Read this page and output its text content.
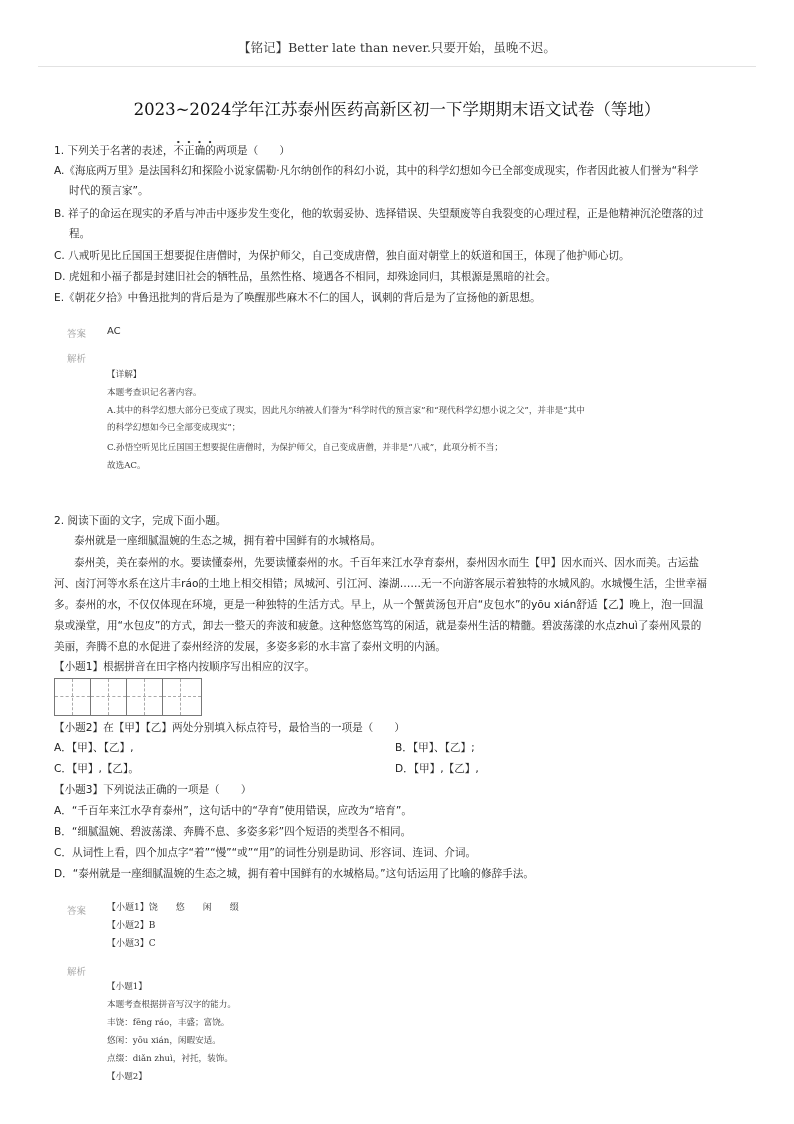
【铭记】Better late than never.只要开始，虽晚不迟。
2023~2024学年江苏泰州医药高新区初一下学期期末语文试卷（等地）
1. 下列关于名著的表述，
不正确的两项是（　　）
A.《海底两万里》是法国科幻和探险小说家儒勒·凡尔纳创作的科幻小说，其中的科学幻想如今已全部变成现实，作者因此被人们誉为“科学
时代的预言家”。
B. 祥子的命运在现实的矛盾与冲击中逐步发生变化，他的软弱妥协、选择错误、失望颓废等自我裂变的心理过程，正是他精神沉沦堕落的过
程。
C. 八戒听见比丘国国王想要捉住唐僧时，为保护师父，自己变成唐僧，独自面对朝堂上的妖道和国王，体现了他护师心切。
D. 虎妞和小福子都是封建旧社会的牺牲品，虽然性格、境遇各不相同，却殊途同归，其根源是黑暗的社会。
E.《朝花夕拾》中鲁迅批判的背后是为了唤醒那些麻木不仁的国人，讽刺的背后是为了宣扬他的新思想。
答案 AC
解析
【详解】
本题考查识记名著内容。
A.其中的科学幻想大部分已变成了现实，因此凡尔纳被人们誉为“科学时代的预言家”和“现代科学幻想小说之父”，并非是“其中
的科学幻想如今已全部变成现实”；
C.孙悟空听见比丘国国王想要捉住唐僧时，为保护师父，自己变成唐僧，并非是“八戒”，此项分析不当；
故选AC。
2. 阅读下面的文字，完成下面小题。
泰州就是一座细腻温婉的生态之城，拥有着中国鲜有的水城格局。
泰州美，美在泰州的水。要读懂泰州，先要读懂泰州的水。千百年来江水孕育泰州，泰州因水而生【甲】因水而兴、因水而美。古运盐
河、卤汀河等水系在这片丰ráo的土地上相交相错；凤城河、引江河、溱湖……无一不向游客展示着独特的水城风韵。水城慢生活，尘世幸福
多。泰州的水，不仅仅体现在环境，更是一种独特的生活方式。早上，从一个蟹黄汤包开启“皮包水”的yōu xián舒适【乙】晚上，泡一回温
泉或澡堂，用“水包皮”的方式，卸去一整天的奔波和疲惫。这种悠悠笃笃的闲适，就是泰州生活的精髓。碧波荡漾的水点zhuì了泰州风景的
美丽，奔腾不息的水促进了泰州经济的发展，多姿多彩的水丰富了泰州文明的内涵。
【小题1】根据拼音在田字格内按顺序写出相应的汉字。
【小题2】在【甲】【乙】两处分别填入标点符号，最恰当的一项是（　　）
A．【甲】、【乙】,	B．【甲】、【乙】;
C．【甲】,【乙】。	D．【甲】,【乙】,
【小题3】下列说法正确的一项是（　　）
A．“千百年来江水孕育泰州”，这句话中的“孕育”使用错误，应改为“培育”。
B．“细腻温婉、碧波荡漾、奔腾不息、多姿多彩”四个短语的类型各不相同。
C．从词性上看，四个加点字“着”“慢”“或”“用”的词性分别是助词、形容词、连词、介词。
D．“泰州就是一座细腻温婉的生态之城，拥有着中国鲜有的水城格局。”这句话运用了比喻的修辞手法。
答案 【小题1】饶　　悠　　闲　　缀
【小题2】B
【小题3】C
解析
【小题1】
本题考查根据拼音写汉字的能力。
丰饶：fēng ráo，丰盛；富饶。
悠闲：yōu xián，闲暇安适。
点缀：diǎn zhuì，衬托，装饰。
【小题2】
